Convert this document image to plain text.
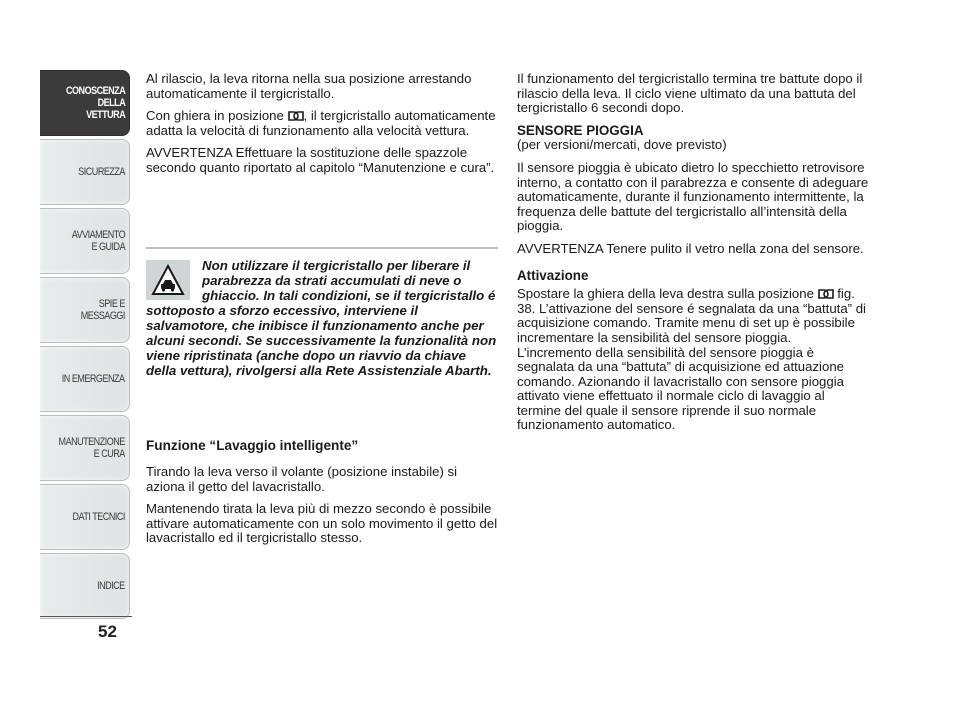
CONOSCENZA
DELLA
VETTURA
SICUREZZA
AVVIAMENTO
E GUIDA
SPIE E
MESSAGGI
IN EMERGENZA
MANUTENZIONE
E CURA
DATI TECNICI
INDICE
52

Al rilascio, la leva ritorna nella sua posizione arrestando automaticamente il tergicristallo.

Con ghiera in posizione , il tergicristallo automaticamente adatta la velocità di funzionamento alla velocità vettura.

AVVERTENZA Effettuare la sostituzione delle spazzole secondo quanto riportato al capitolo “Manutenzione e cura”.

Non utilizzare il tergicristallo per liberare il parabrezza da strati accumulati di neve o ghiaccio. In tali condizioni, se il tergicristallo é sottoposto a sforzo eccessivo, interviene il salvamotore, che inibisce il funzionamento anche per alcuni secondi. Se successivamente la funzionalità non viene ripristinata (anche dopo un riavvio da chiave della vettura), rivolgersi alla Rete Assistenziale Abarth.

Funzione “Lavaggio intelligente”

Tirando la leva verso il volante (posizione instabile) si aziona il getto del lavacristallo.

Mantenendo tirata la leva più di mezzo secondo è possibile attivare automaticamente con un solo movimento il getto del lavacristallo ed il tergicristallo stesso.

Il funzionamento del tergicristallo termina tre battute dopo il rilascio della leva. Il ciclo viene ultimato da una battuta del tergicristallo 6 secondi dopo.

SENSORE PIOGGIA

(per versioni/mercati, dove previsto)

Il sensore pioggia è ubicato dietro lo specchietto retrovisore interno, a contatto con il parabrezza e consente di adeguare automaticamente, durante il funzionamento intermittente, la frequenza delle battute del tergicristallo all’intensità della pioggia.

AVVERTENZA Tenere pulito il vetro nella zona del sensore.

Attivazione

Spostare la ghiera della leva destra sulla posizione  fig. 38. L’attivazione del sensore é segnalata da una “battuta” di acquisizione comando. Tramite menu di set up è possibile incrementare la sensibilità del sensore pioggia. L’incremento della sensibilità del sensore pioggia è segnalata da una “battuta” di acquisizione ed attuazione comando. Azionando il lavacristallo con sensore pioggia attivato viene effettuato il normale ciclo di lavaggio al termine del quale il sensore riprende il suo normale funzionamento automatico.
